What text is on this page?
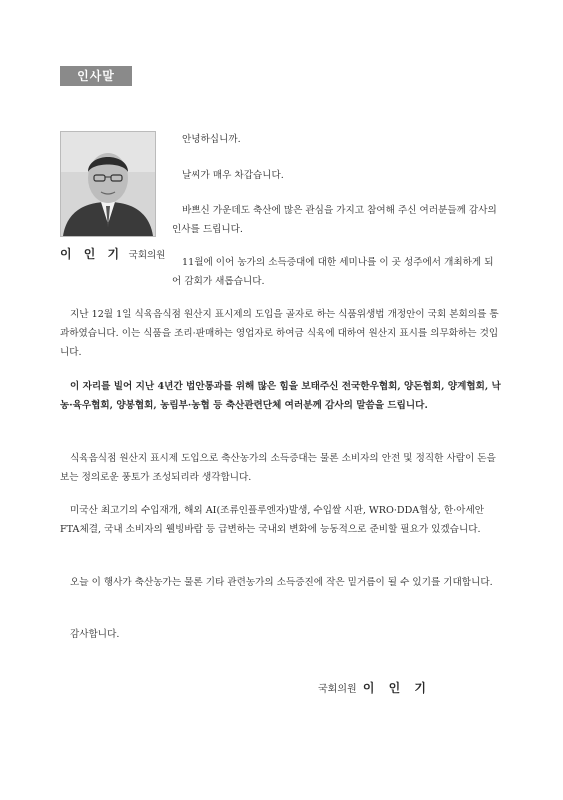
인사말
이 인 기 국회의원

안녕하십니까.

날씨가 매우 차갑습니다.

바쁘신 가운데도 축산에 많은 관심을 가지고 참여해 주신 여러분들께 감사의 인사를 드립니다.

11월에 이어 농가의 소득증대에 대한 세미나를 이 곳 성주에서 개최하게 되어 감회가 새롭습니다.

지난 12월 1일 식육음식점 원산지 표시제의 도입을 골자로 하는 식품위생법 개정안이 국회 본회의를 통과하였습니다. 이는 식품을 조리·판매하는 영업자로 하여금 식육에 대하여 원산지 표시를 의무화하는 것입니다.

이 자리를 빌어 지난 4년간 법안통과를 위해 많은 힘을 보태주신 전국한우협회, 양돈협회, 양계협회, 낙농·육우협회, 양봉협회, 농림부·농협 등 축산관련단체 여러분께 감사의 말씀을 드립니다.

식육음식점 원산지 표시제 도입으로 축산농가의 소득증대는 물론 소비자의 안전 및 정직한 사람이 돈을 보는 정의로운 풍토가 조성되리라 생각합니다.

미국산 최고기의 수입재개, 해외 AI(조류인플루엔자)발생, 수입쌀 시판, WRO·DDA협상, 한·아세안 FTA체결, 국내 소비자의 웰빙바람 등 급변하는 국내외 변화에 능동적으로 준비할 필요가 있겠습니다.

오늘 이 행사가 축산농가는 물론 기타 관련농가의 소득증진에 작은 밑거름이 될 수 있기를 기대합니다.

감사합니다.

국회의원 이 인 기
